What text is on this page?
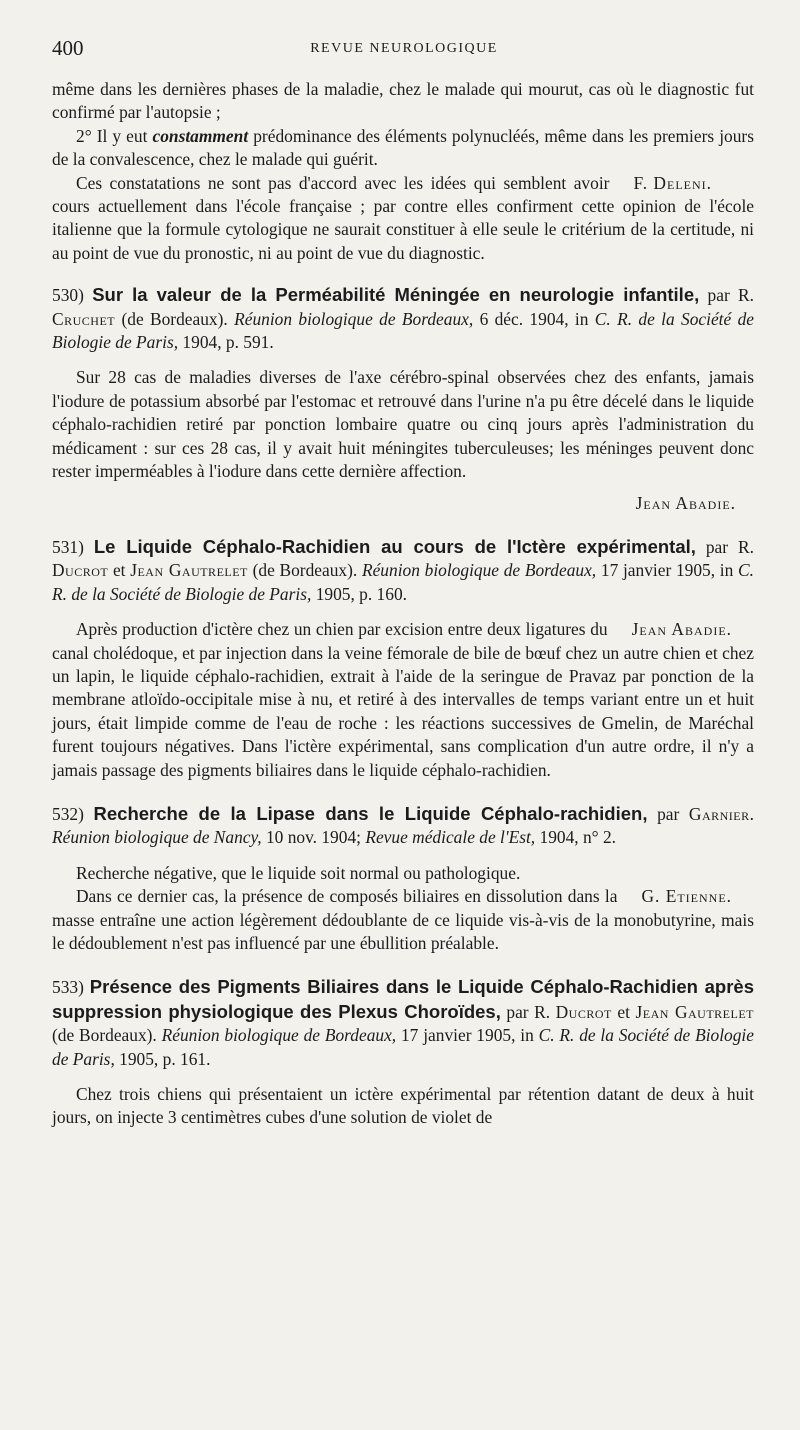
400	REVUE NEUROLOGIQUE

même dans les dernières phases de la maladie, chez le malade qui mourut, cas où le diagnostic fut confirmé par l'autopsie ;

2° Il y eut constamment prédominance des éléments polynucléés, même dans les premiers jours de la convalescence, chez le malade qui guérit.

F. Deleni.
Ces constatations ne sont pas d'accord avec les idées qui semblent avoir cours actuellement dans l'école française ; par contre elles confirment cette opinion de l'école italienne que la formule cytologique ne saurait constituer à elle seule le critérium de la certitude, ni au point de vue du pronostic, ni au point de vue du diagnostic.

530) Sur la valeur de la Perméabilité Méningée en neurologie infantile, par R. Cruchet (de Bordeaux). Réunion biologique de Bordeaux, 6 déc. 1904, in C. R. de la Société de Biologie de Paris, 1904, p. 591.

Sur 28 cas de maladies diverses de l'axe cérébro-spinal observées chez des enfants, jamais l'iodure de potassium absorbé par l'estomac et retrouvé dans l'urine n'a pu être décelé dans le liquide céphalo-rachidien retiré par ponction lombaire quatre ou cinq jours après l'administration du médicament : sur ces 28 cas, il y avait huit méningites tuberculeuses; les méninges peuvent donc rester imperméables à l'iodure dans cette dernière affection.

Jean Abadie.

531) Le Liquide Céphalo-Rachidien au cours de l'Ictère expérimental, par R. Ducrot et Jean Gautrelet (de Bordeaux). Réunion biologique de Bordeaux, 17 janvier 1905, in C. R. de la Société de Biologie de Paris, 1905, p. 160.

Jean Abadie.
Après production d'ictère chez un chien par excision entre deux ligatures du canal cholédoque, et par injection dans la veine fémorale de bile de bœuf chez un autre chien et chez un lapin, le liquide céphalo-rachidien, extrait à l'aide de la seringue de Pravaz par ponction de la membrane atloïdo-occipitale mise à nu, et retiré à des intervalles de temps variant entre un et huit jours, était limpide comme de l'eau de roche : les réactions successives de Gmelin, de Maréchal furent toujours négatives. Dans l'ictère expérimental, sans complication d'un autre ordre, il n'y a jamais passage des pigments biliaires dans le liquide céphalo-rachidien.

532) Recherche de la Lipase dans le Liquide Céphalo-rachidien, par Garnier. Réunion biologique de Nancy, 10 nov. 1904; Revue médicale de l'Est, 1904, n° 2.

Recherche négative, que le liquide soit normal ou pathologique.

G. Etienne.
Dans ce dernier cas, la présence de composés biliaires en dissolution dans la masse entraîne une action légèrement dédoublante de ce liquide vis-à-vis de la monobutyrine, mais le dédoublement n'est pas influencé par une ébullition préalable.

533) Présence des Pigments Biliaires dans le Liquide Céphalo-Rachidien après suppression physiologique des Plexus Choroïdes, par R. Ducrot et Jean Gautrelet (de Bordeaux). Réunion biologique de Bordeaux, 17 janvier 1905, in C. R. de la Société de Biologie de Paris, 1905, p. 161.

Chez trois chiens qui présentaient un ictère expérimental par rétention datant de deux à huit jours, on injecte 3 centimètres cubes d'une solution de violet de
